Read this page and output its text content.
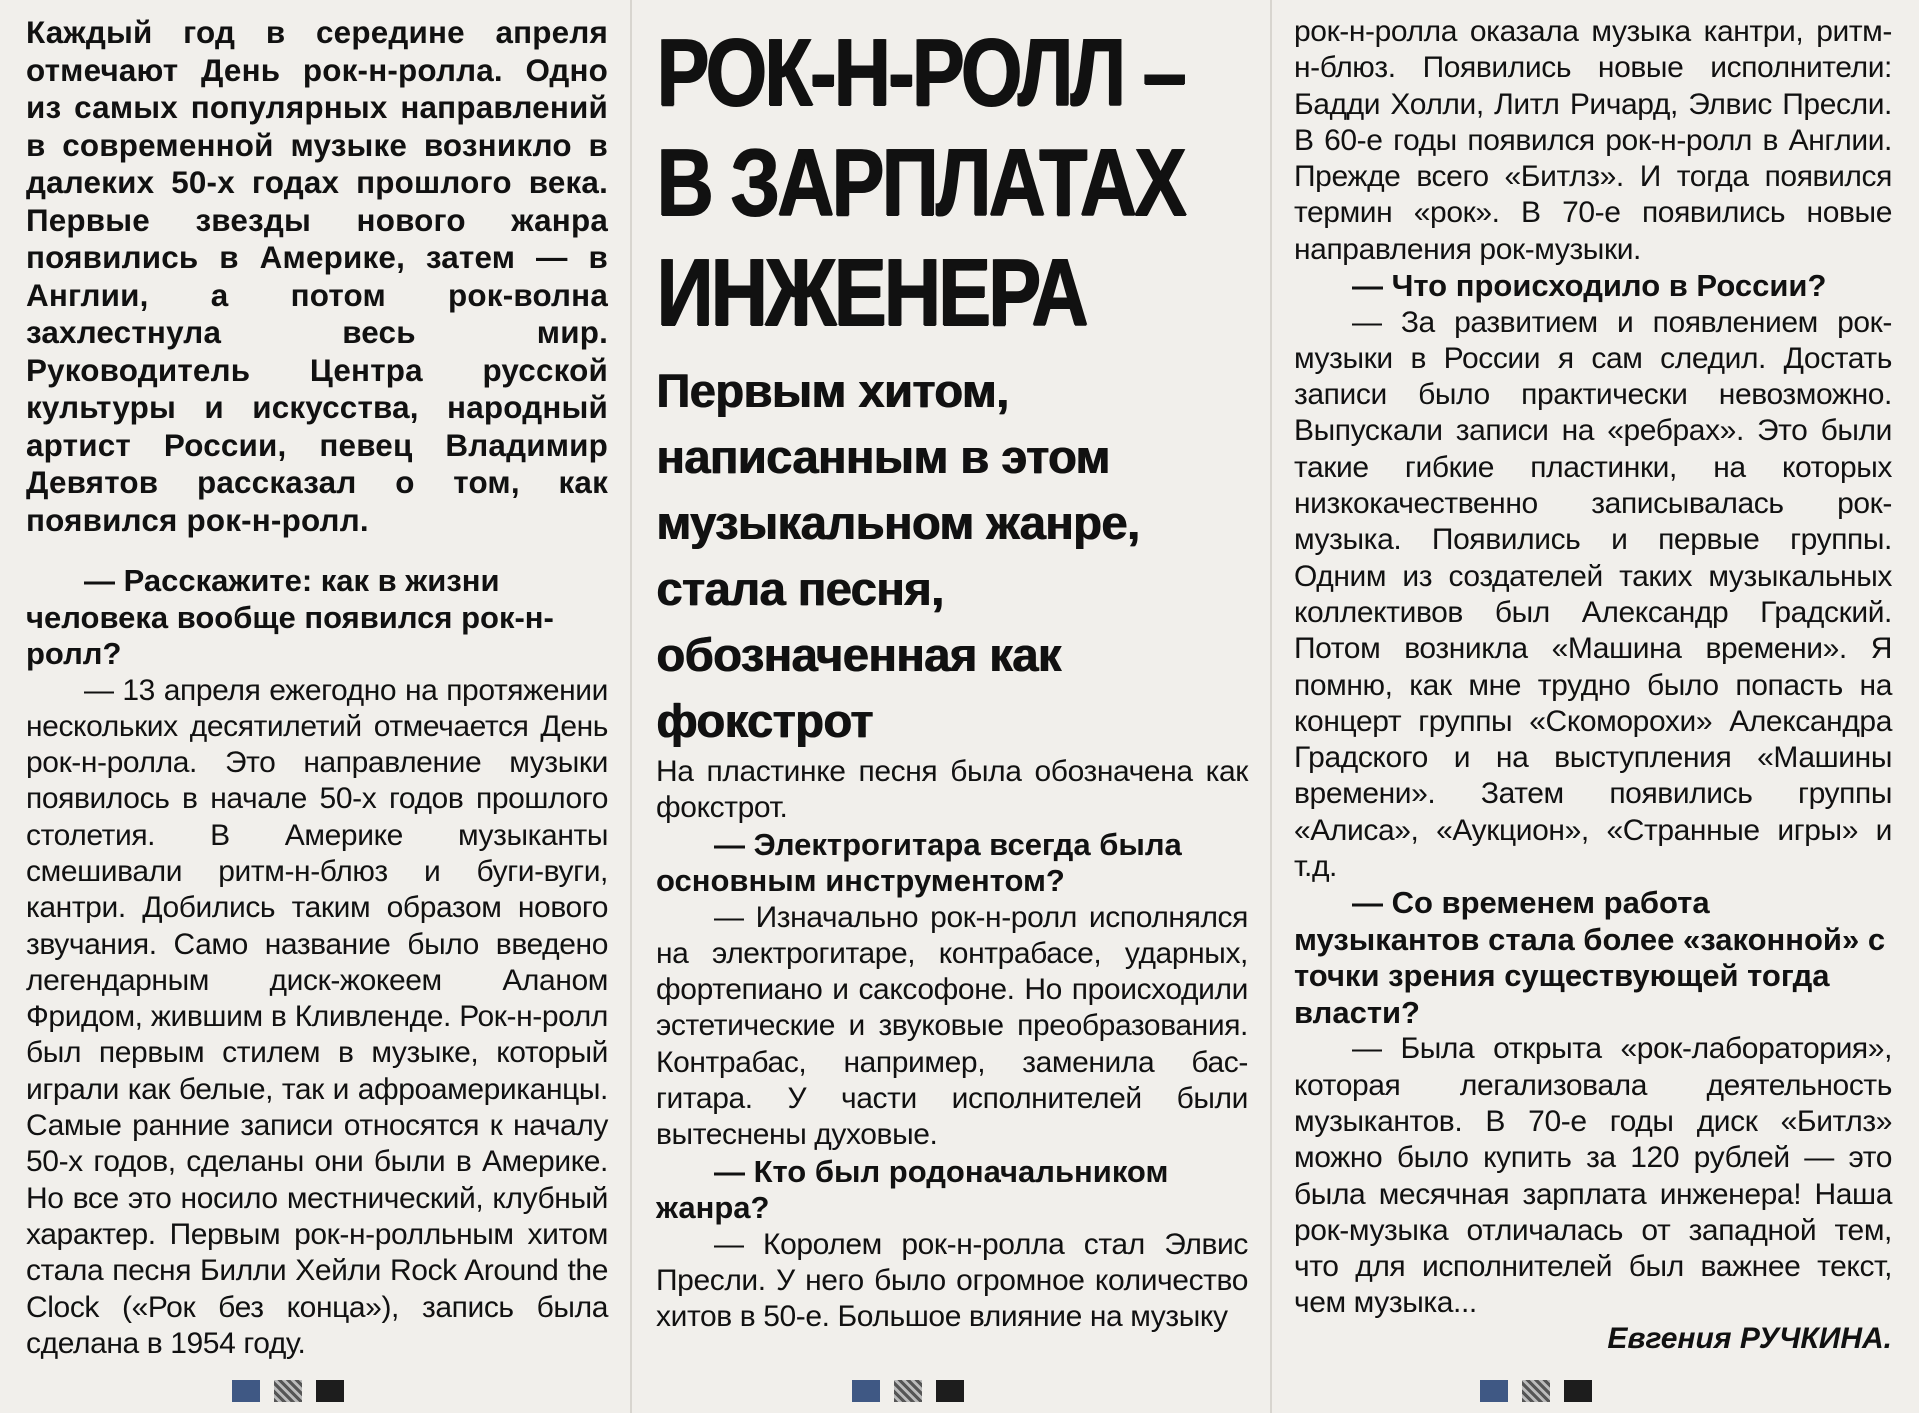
Каждый год в середине апреля отмечают День рок-н-ролла. Одно из самых популярных направлений в современной музыке возникло в далеких 50-х годах прошлого века. Первые звезды нового жанра появились в Америке, затем — в Англии, а потом рок-волна захлестнула весь мир. Руководитель Центра русской культуры и искусства, народный артист России, певец Владимир Девятов рассказал о том, как появился рок-н-ролл.

— Расскажите: как в жизни человека вообще появился рок-н-ролл?

— 13 апреля ежегодно на протяжении нескольких десятилетий отмечается День рок-н-ролла. Это направление музыки появилось в начале 50-х годов прошлого столетия. В Америке музыканты смешивали ритм-н-блюз и буги-вуги, кантри. Добились таким образом нового звучания. Само название было введено легендарным диск-жокеем Аланом Фридом, жившим в Кливленде. Рок-н-ролл был первым стилем в музыке, который играли как белые, так и афроамериканцы. Самые ранние записи относятся к началу 50-х годов, сделаны они были в Америке. Но все это носило местнический, клубный характер. Первым рок-н-ролльным хитом стала песня Билли Хейли Rock Around the Clock («Рок без конца»), запись была сделана в 1954 году.

РОК-Н-РОЛЛ –
В ЗАРПЛАТАХ
ИНЖЕНЕРА

Первым хитом, написанным в этом музыкальном жанре, стала песня, обозначенная как фокстрот

На пластинке песня была обозначена как фокстрот.

— Электрогитара всегда была основным инструментом?

— Изначально рок-н-ролл исполнялся на электрогитаре, контрабасе, ударных, фортепиано и саксофоне. Но происходили эстетические и звуковые преобразования. Контрабас, например, заменила бас-гитара. У части исполнителей были вытеснены духовые.

— Кто был родоначальником жанра?

— Королем рок-н-ролла стал Элвис Пресли. У него было огромное количество хитов в 50-е. Большое влияние на музыку

рок-н-ролла оказала музыка кантри, ритм-н-блюз. Появились новые исполнители: Бадди Холли, Литл Ричард, Элвис Пресли. В 60-е годы появился рок-н-ролл в Англии. Прежде всего «Битлз». И тогда появился термин «рок». В 70-е появились новые направления рок-музыки.

— Что происходило в России?

— За развитием и появлением рок-музыки в России я сам следил. Достать записи было практически невозможно. Выпускали записи на «ребрах». Это были такие гибкие пластинки, на которых низкокачественно записывалась рок-музыка. Появились и первые группы. Одним из создателей таких музыкальных коллективов был Александр Градский. Потом возникла «Машина времени». Я помню, как мне трудно было попасть на концерт группы «Скоморохи» Александра Градского и на выступления «Машины времени». Затем появились группы «Алиса», «Аукцион», «Странные игры» и т.д.

— Со временем работа музыкантов стала более «законной» с точки зрения существующей тогда власти?

— Была открыта «рок-лаборатория», которая легализовала деятельность музыкантов. В 70-е годы диск «Битлз» можно было купить за 120 рублей — это была месячная зарплата инженера! Наша рок-музыка отличалась от западной тем, что для исполнителей был важнее текст, чем музыка...

Евгения РУЧКИНА.
